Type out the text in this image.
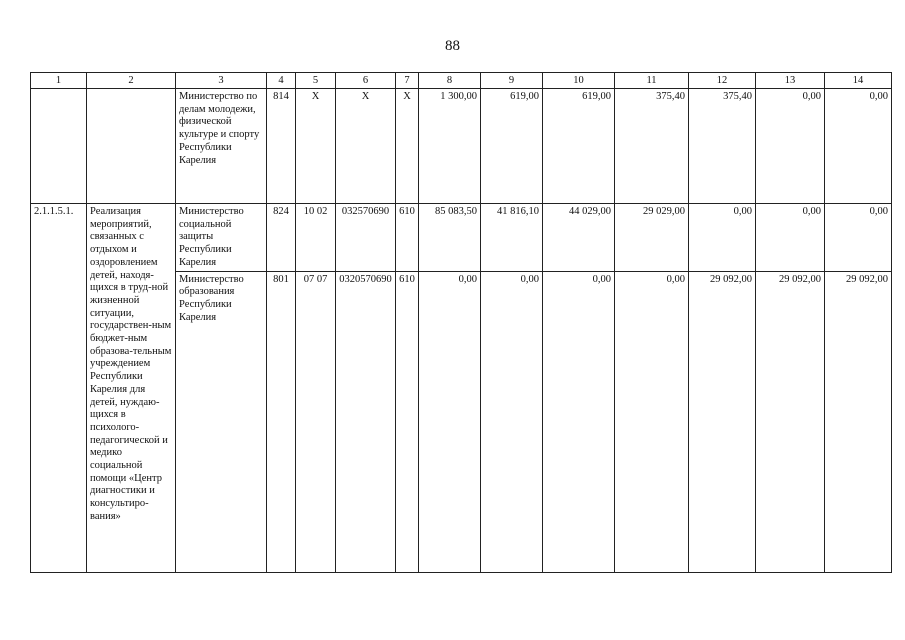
88
1	2	3	4	5	6	7	8	9	10	11	12	13	14
		Министерство по делам молодежи, физической культуре и спорту Республики Карелия	814	X	X	X	1 300,00	619,00	619,00	375,40	375,40	0,00	0,00
2.1.1.5.1.	Реализация мероприятий, связанных с отдыхом и оздоровлением детей, находя-щихся в труд-ной жизненной ситуации, государствен-ным бюджет-ным образова-тельным учреждением Республики Карелия для детей, нуждаю-щихся в психолого-педагогической и медико социальной помощи «Центр диагностики и консультиро-вания»	Министерство социальной защиты Республики Карелия	824	10 02	032570690	610	85 083,50	41 816,10	44 029,00	29 029,00	0,00	0,00	0,00
		Министерство образования Республики Карелия	801	07 07	0320570690	610	0,00	0,00	0,00	0,00	29 092,00	29 092,00	29 092,00
